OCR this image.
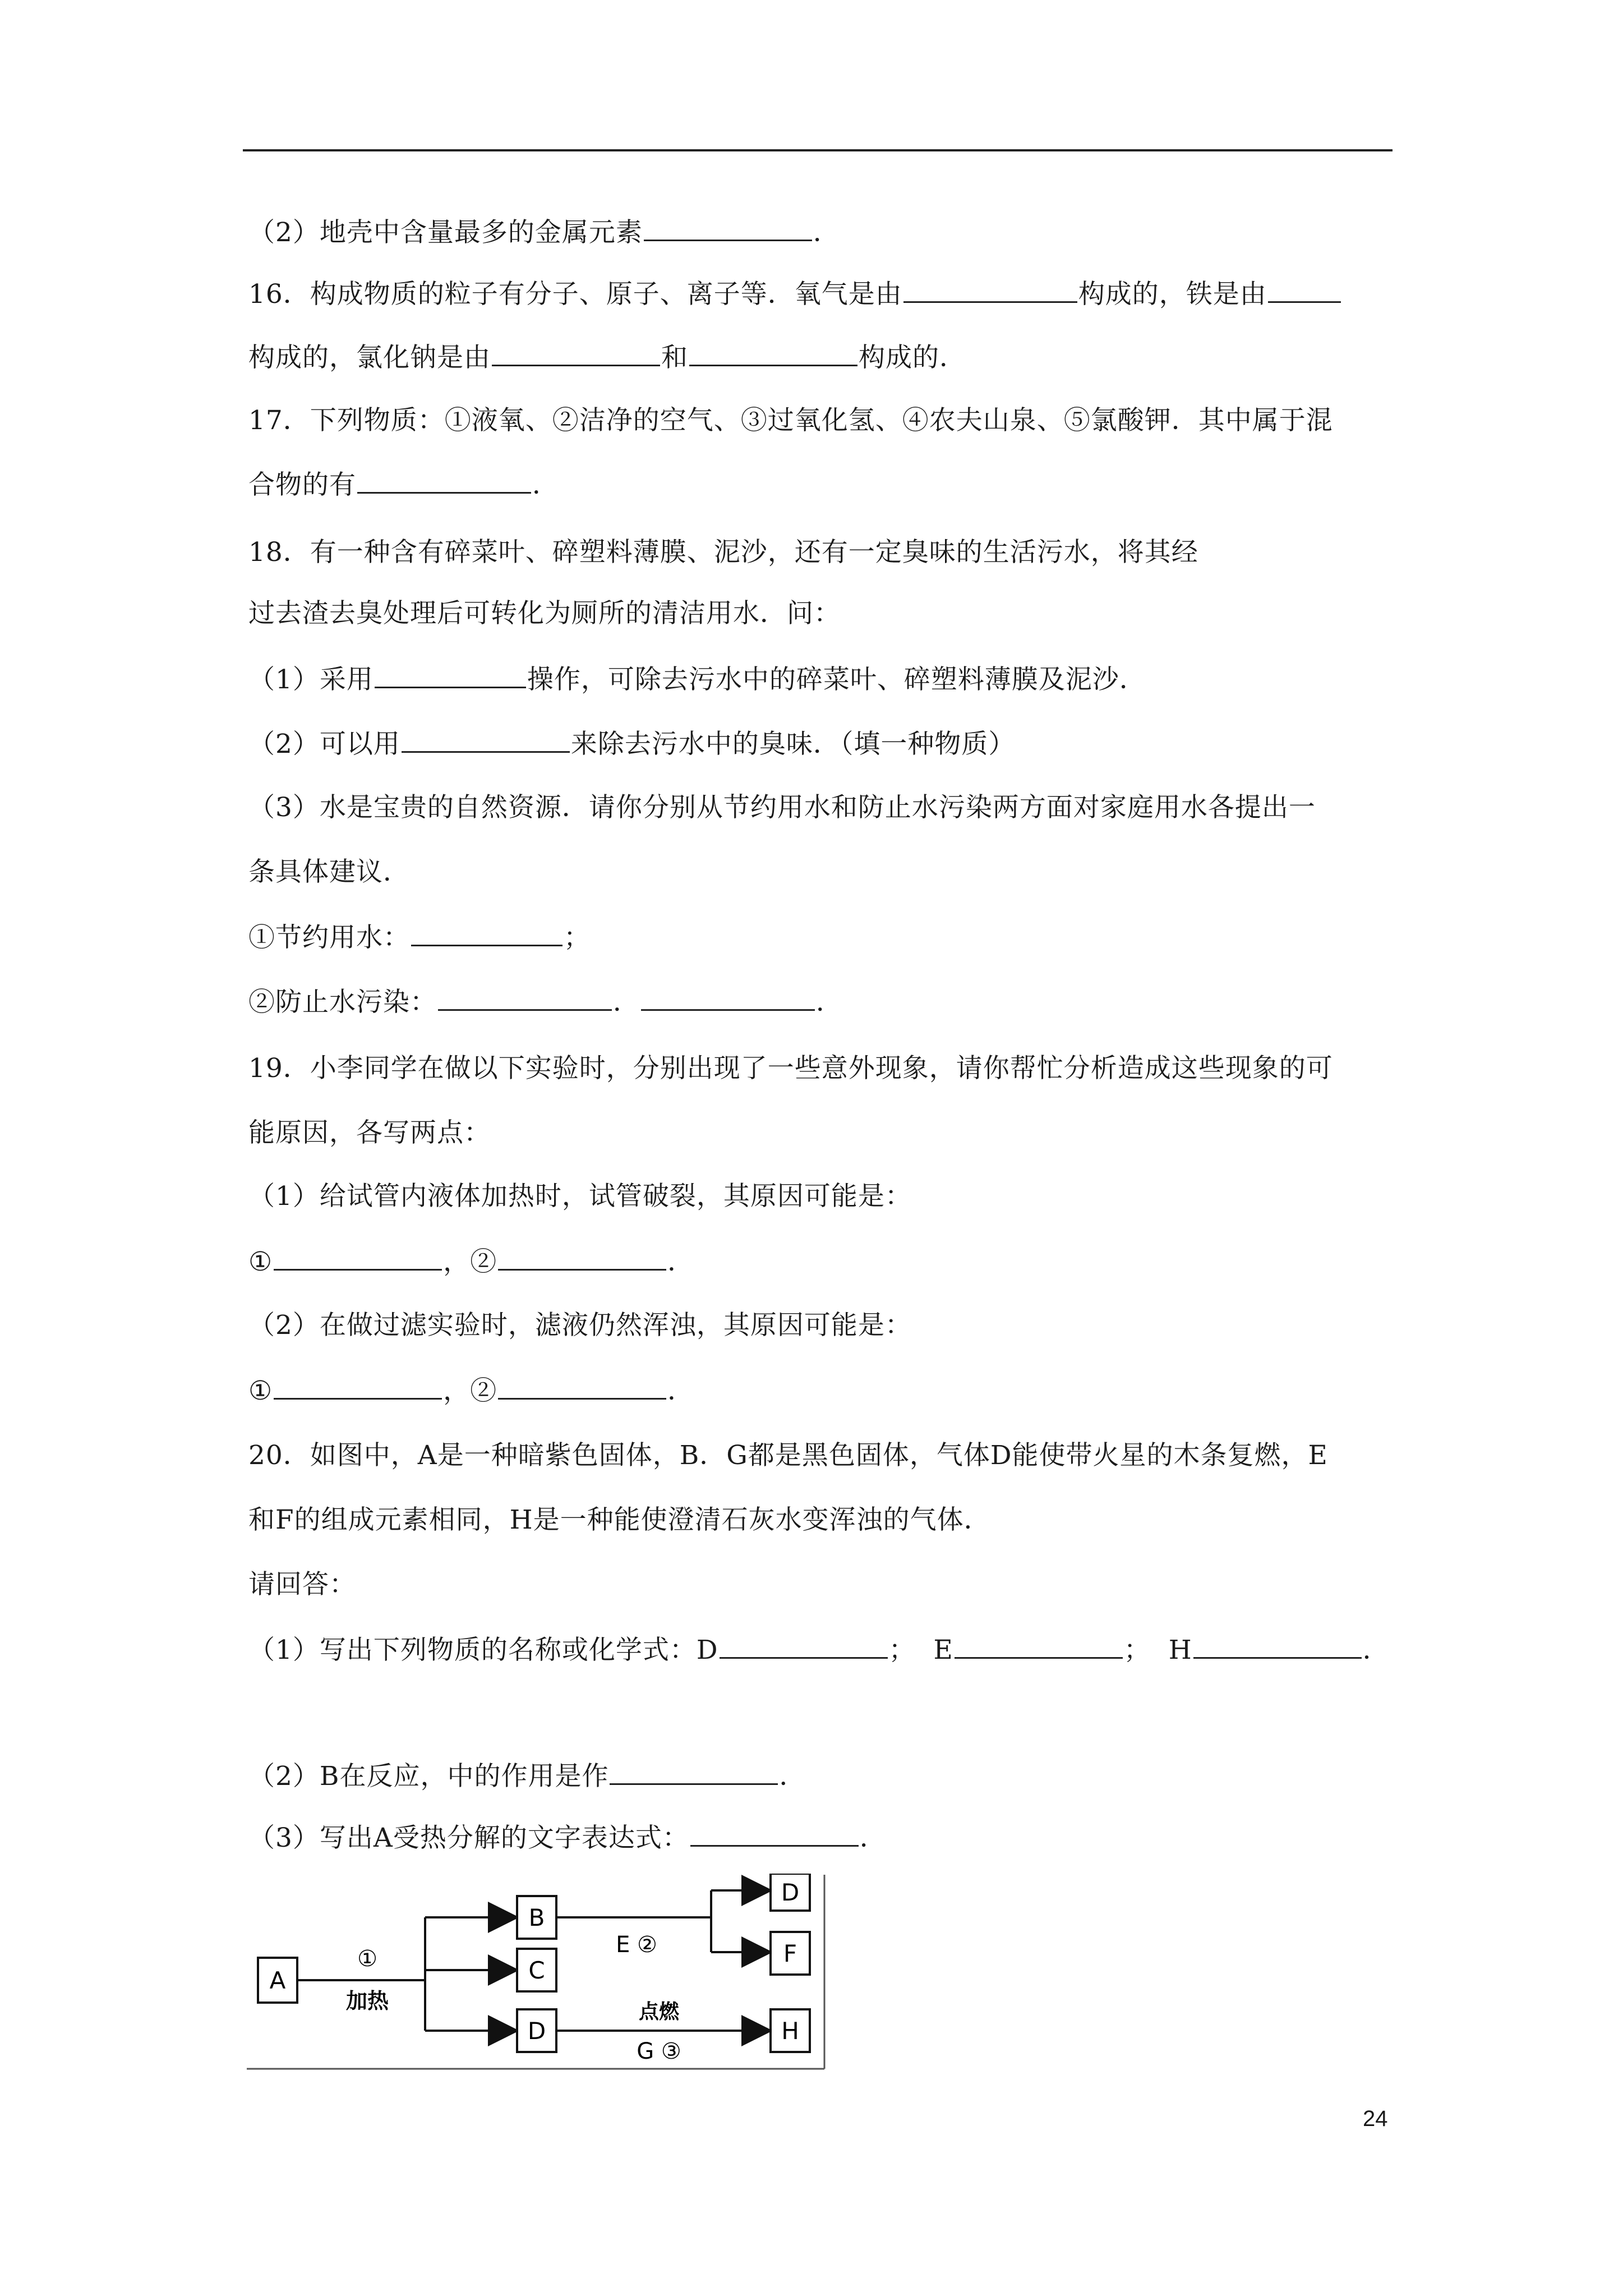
（2）地壳中含量最多的金属元素	．
16．构成物质的粒子有分子、原子、离子等．氧气是由	构成的，铁是由
构成的，氯化钠是由	和	构成的．
17．下列物质：①液氧、②洁净的空气、③过氧化氢、④农夫山泉、⑤氯酸钾．其中属于混
合物的有	．
18．有一种含有碎菜叶、碎塑料薄膜、泥沙，还有一定臭味的生活污水，将其经
过去渣去臭处理后可转化为厕所的清洁用水．问：
（1）采用	操作，可除去污水中的碎菜叶、碎塑料薄膜及泥沙．
（2）可以用	来除去污水中的臭味．（填一种物质）
（3）水是宝贵的自然资源．请你分别从节约用水和防止水污染两方面对家庭用水各提出一
条具体建议．
①节约用水：	；
②防止水污染：	．	．
19．小李同学在做以下实验时，分别出现了一些意外现象，请你帮忙分析造成这些现象的可
能原因，各写两点：
（1）给试管内液体加热时，试管破裂，其原因可能是：
①	，②	．
（2）在做过滤实验时，滤液仍然浑浊，其原因可能是：
①	，②	．
20．如图中，A是一种暗紫色固体，B．G都是黑色固体，气体D能使带火星的木条复燃，E
和F的组成元素相同，H是一种能使澄清石灰水变浑浊的气体．
请回答：
（1）写出下列物质的名称或化学式：D	； E	； H	．
（2）B在反应，中的作用是作	．
（3）写出A受热分解的文字表达式：	．
A
①
加热
B
C
D
E ②
D
F
点燃
G ③
H
24
